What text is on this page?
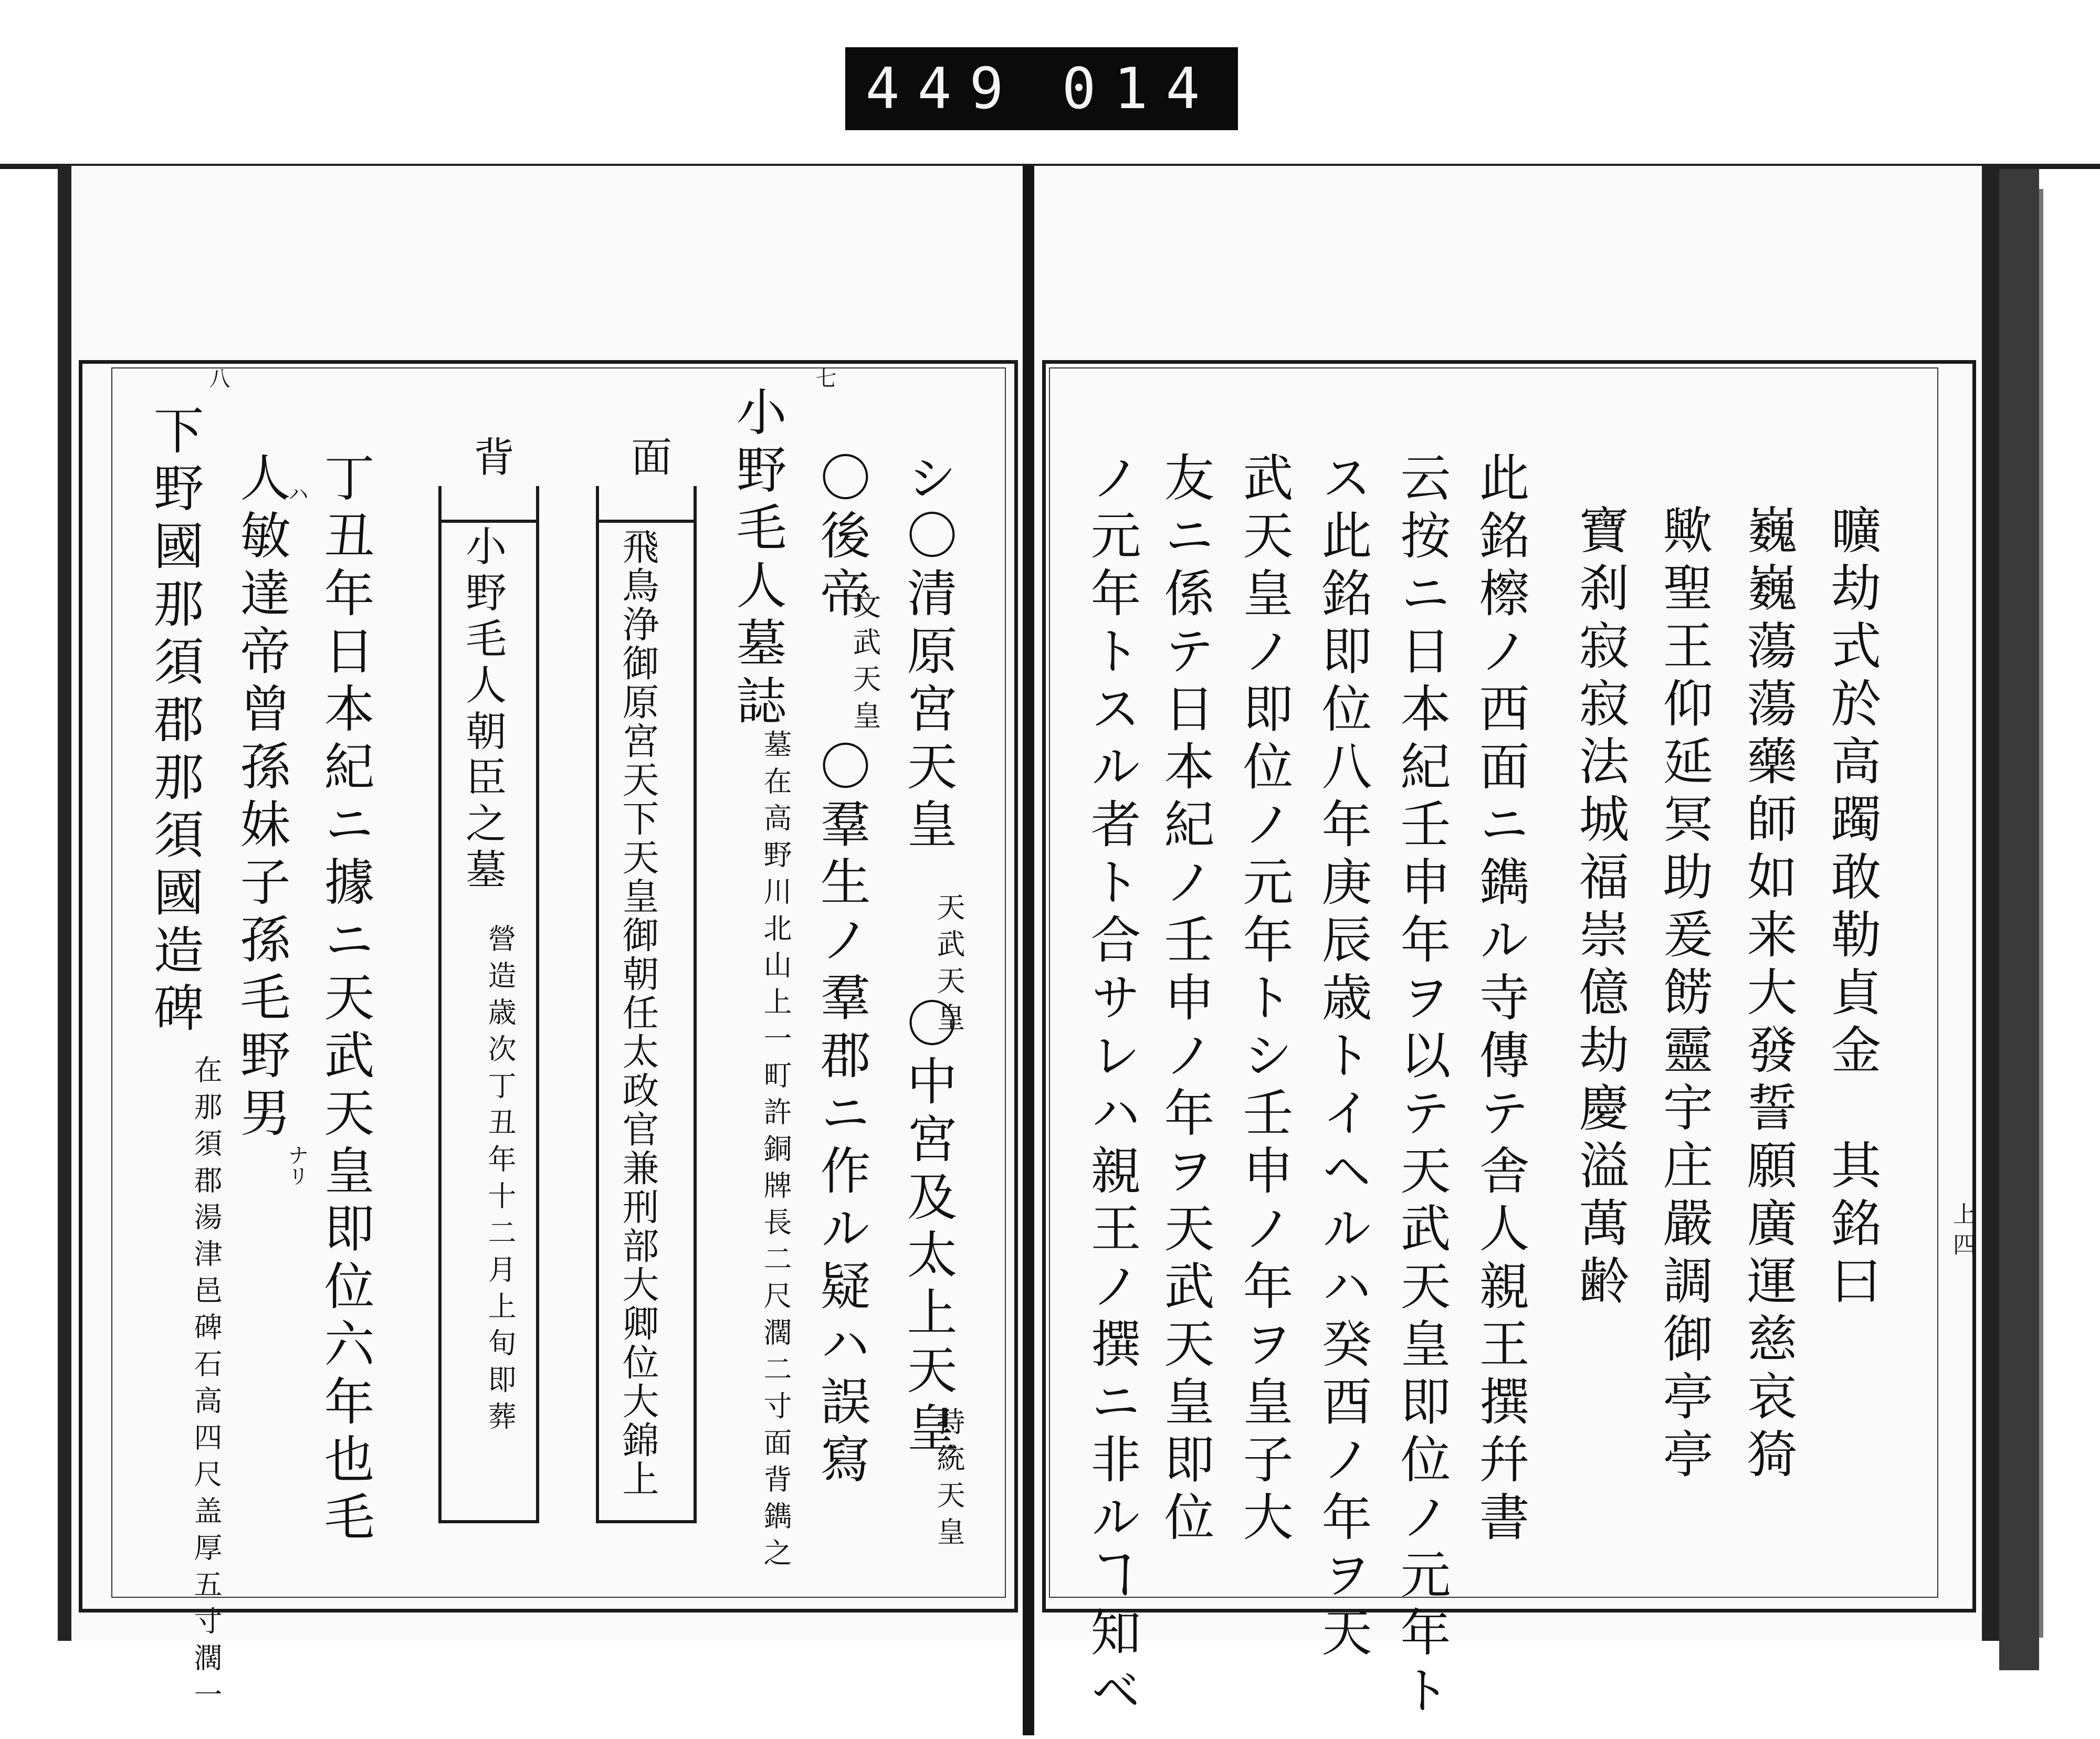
449 014
八	七
下野國那須郡那須國造碑
在那須郡湯津邑碑石高四尺盖厚五寸濶一
人敏達帝曾孫妹子孫毛野男
ハ
ナリ 丁丑年日本紀ニ據ニ天武天皇即位六年也毛 背
小野毛人朝臣之墓
營造歳次丁丑年十二月上旬即葬
面
飛鳥浄御原宮天下天皇御朝任太政官兼刑部大卿位大錦上 小野毛人墓誌
墓在高野川北山上一町許銅牌長二尺濶二寸面背鐫之
〇後帝
文武天皇
〇羣生ノ羣郡ニ作ル疑ハ誤寫
シ〇清原宮天皇
天武天皇
〇中宮及太上天皇
持統天皇 ノ元年トスル者ト合サレハ親王ノ撰ニ非ルヿ知ベ 友ニ係テ日本紀ノ壬申ノ年ヲ天武天皇即位 武天皇ノ即位ノ元年トシ壬申ノ年ヲ皇子大 ス此銘即位八年庚辰歳トイヘルハ癸酉ノ年ヲ天 云按ニ日本紀壬申年ヲ以テ天武天皇即位ノ元年ト 此銘檫ノ西面ニ鐫ル寺傳テ舎人親王撰幷書 寶刹寂寂法城福崇億劫慶溢萬齢 歟聖王仰延冥助爰餝靈宇庄嚴調御亭亭 巍巍蕩蕩藥師如来大發誓願廣運慈哀猗 曠劫式於高躅敢勒貞金　其銘曰	上 四
